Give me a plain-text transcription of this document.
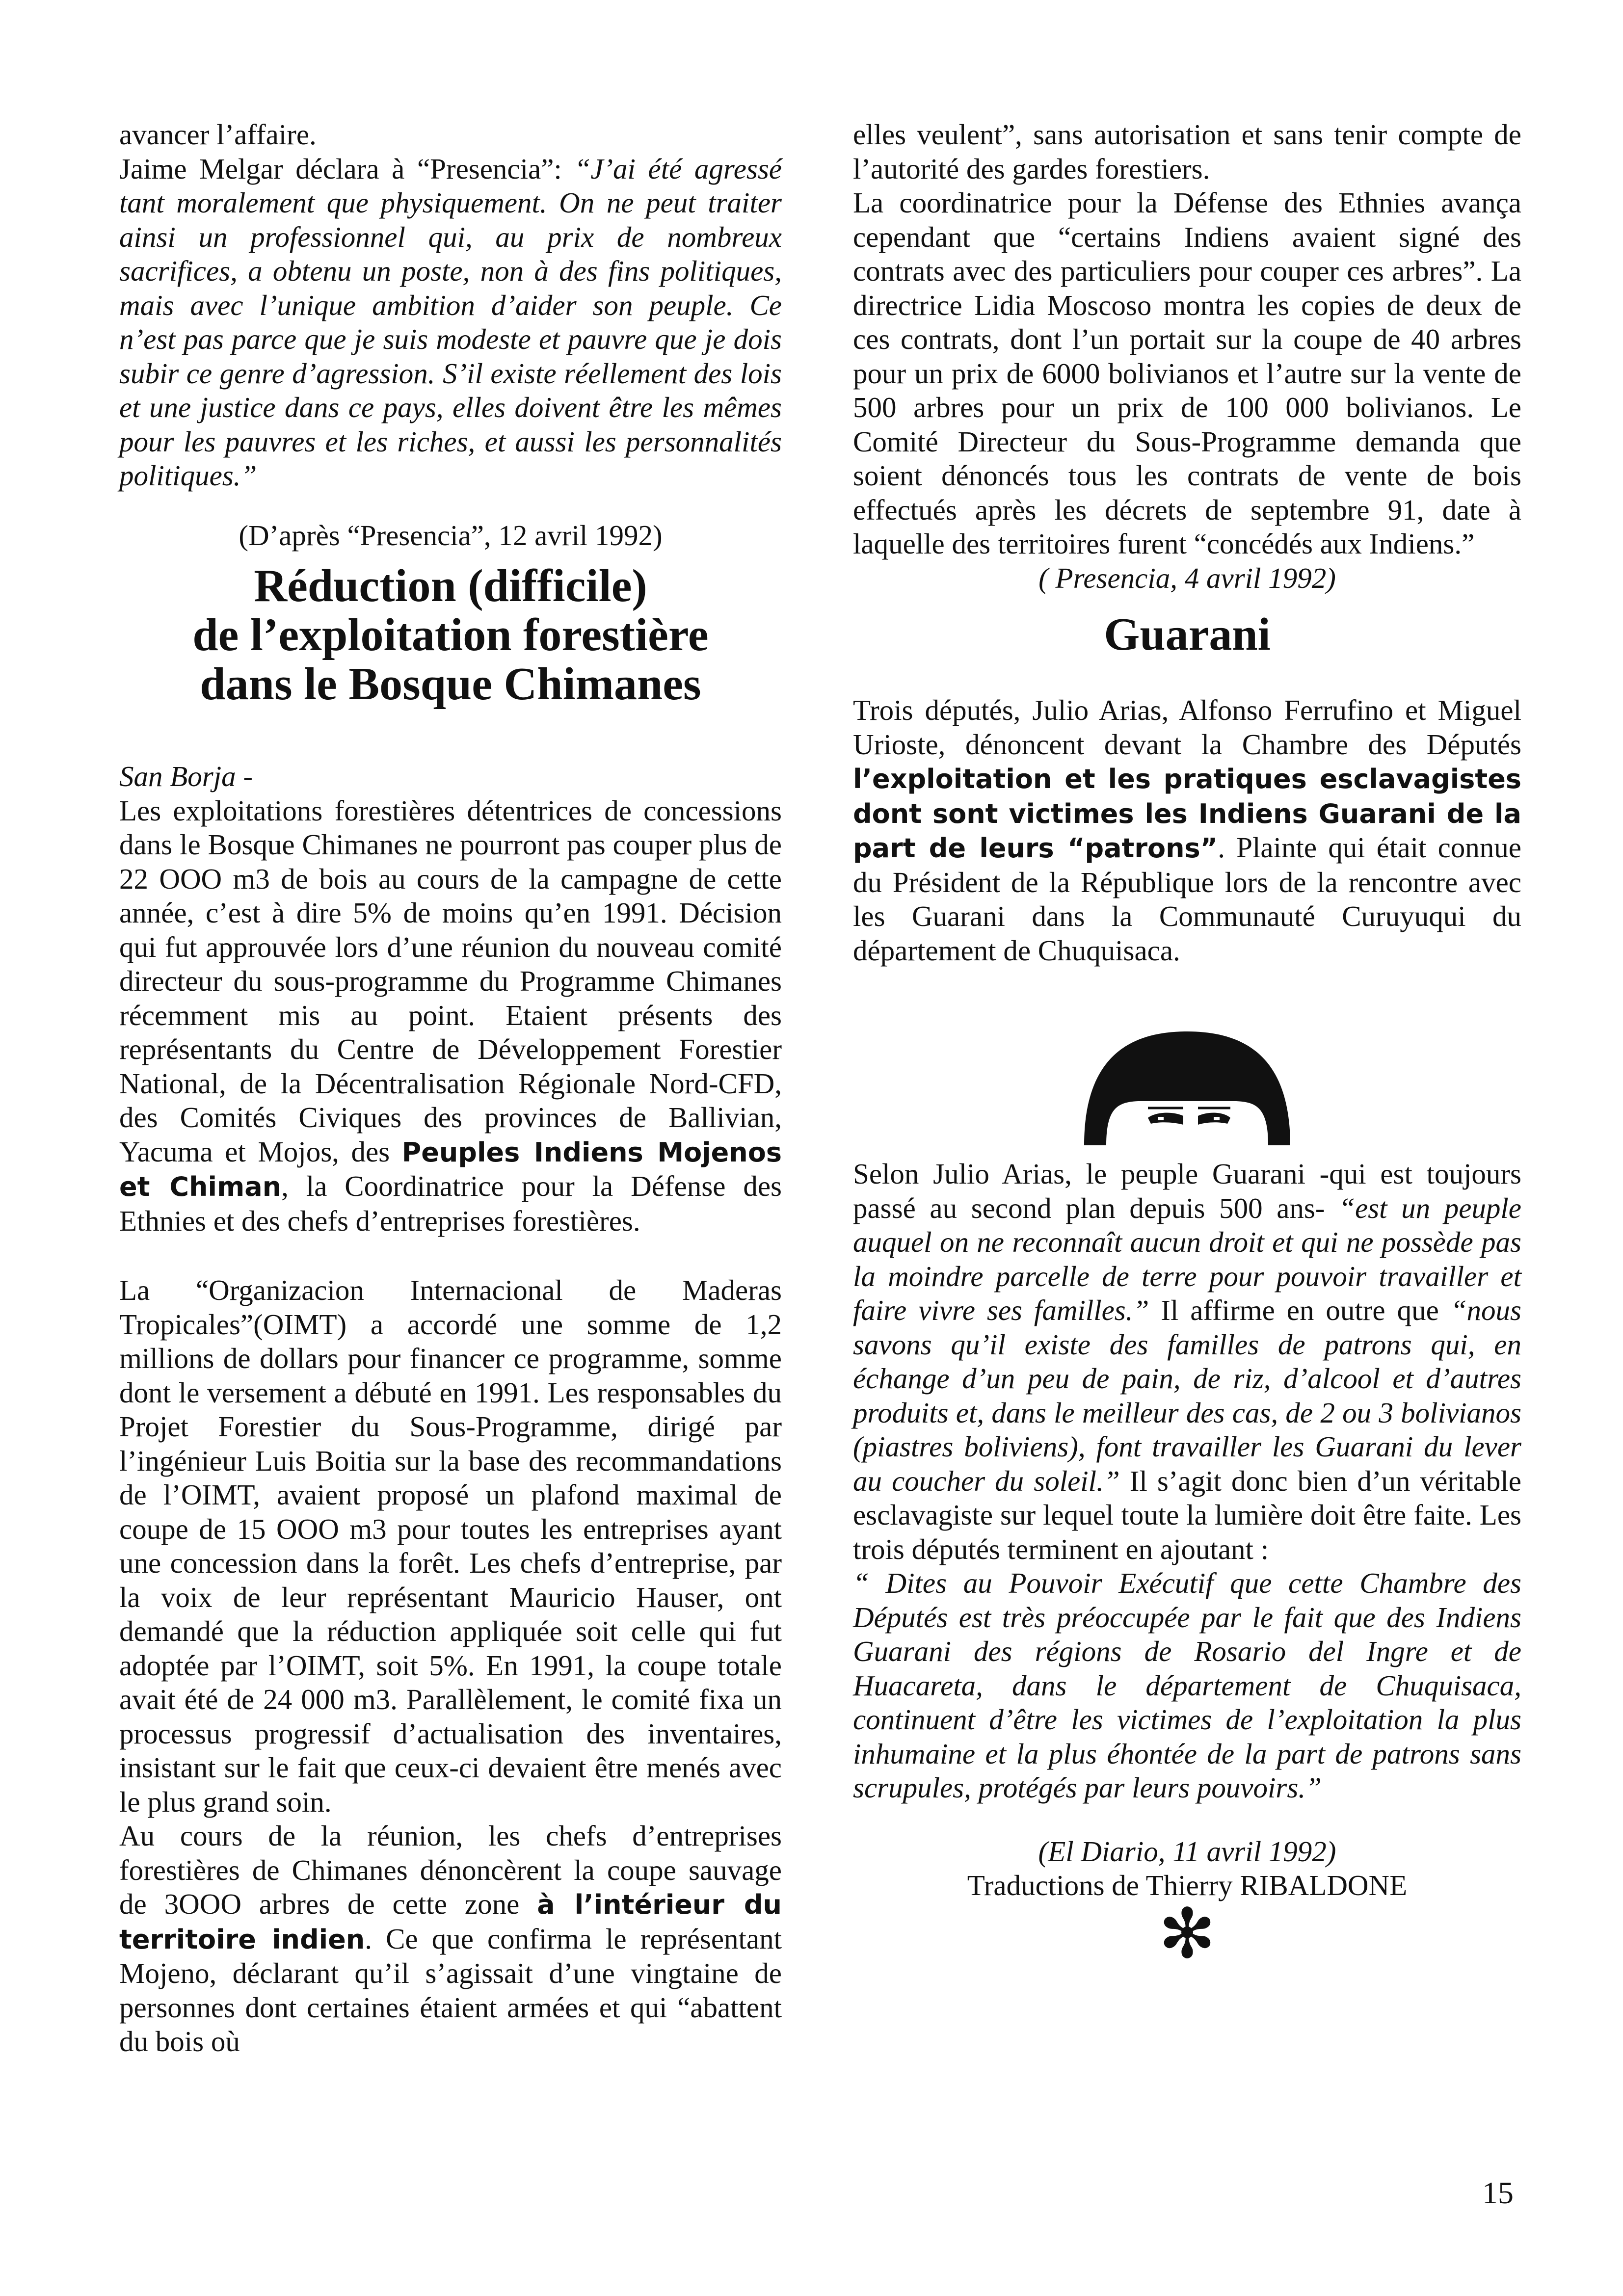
avancer l’affaire.

Jaime Melgar déclara à “Presencia”: “J’ai été agressé tant moralement que physiquement. On ne peut traiter ainsi un professionnel qui, au prix de nombreux sacrifices, a obtenu un poste, non à des fins politiques, mais avec l’unique ambition d’aider son peuple. Ce n’est pas parce que je suis modeste et pauvre que je dois subir ce genre d’agression. S’il existe réellement des lois et une justice dans ce pays, elles doivent être les mêmes pour les pauvres et les riches, et aussi les personnalités politiques.”

(D’après “Presencia”, 12 avril 1992)

Réduction (difficile)
de l’exploitation forestière
dans le Bosque Chimanes

San Borja -

Les exploitations forestières détentrices de concessions dans le Bosque Chimanes ne pourront pas couper plus de 22 OOO m3 de bois au cours de la campagne de cette année, c’est à dire 5% de moins qu’en 1991. Décision qui fut approuvée lors d’une réunion du nouveau comité directeur du sous-programme du Programme Chimanes récemment mis au point. Etaient présents des représentants du Centre de Développement Forestier National, de la Décentralisation Régionale Nord-CFD, des Comités Civiques des provinces de Ballivian, Yacuma et Mojos, des Peuples Indiens Mojenos et Chiman, la Coordinatrice pour la Défense des Ethnies et des chefs d’entreprises forestières.

La “Organizacion Internacional de Maderas Tropicales”(OIMT) a accordé une somme de 1,2 millions de dollars pour financer ce programme, somme dont le versement a débuté en 1991. Les responsables du Projet Forestier du Sous-Programme, dirigé par l’ingénieur Luis Boitia sur la base des recommandations de l’OIMT, avaient proposé un plafond maximal de coupe de 15 OOO m3 pour toutes les entreprises ayant une concession dans la forêt. Les chefs d’entreprise, par la voix de leur représentant Mauricio Hauser, ont demandé que la réduction appliquée soit celle qui fut adoptée par l’OIMT, soit 5%. En 1991, la coupe totale avait été de 24 000 m3. Parallèlement, le comité fixa un processus progressif d’actualisation des inventaires, insistant sur le fait que ceux-ci devaient être menés avec le plus grand soin.

Au cours de la réunion, les chefs d’entreprises forestières de Chimanes dénoncèrent la coupe sauvage de 3OOO arbres de cette zone à l’intérieur du territoire indien. Ce que confirma le représentant Mojeno, déclarant qu’il s’agissait d’une vingtaine de personnes dont certaines étaient armées et qui “abattent du bois où

elles veulent”, sans autorisation et sans tenir compte de l’autorité des gardes forestiers.

La coordinatrice pour la Défense des Ethnies avança cependant que “certains Indiens avaient signé des contrats avec des particuliers pour couper ces arbres”. La directrice Lidia Moscoso montra les copies de deux de ces contrats, dont l’un portait sur la coupe de 40 arbres pour un prix de 6000 bolivianos et l’autre sur la vente de 500 arbres pour un prix de 100 000 bolivianos. Le Comité Directeur du Sous-Programme demanda que soient dénoncés tous les contrats de vente de bois effectués après les décrets de septembre 91, date à laquelle des territoires furent “concédés aux Indiens.”

( Presencia, 4 avril 1992)

Guarani

Trois députés, Julio Arias, Alfonso Ferrufino et Miguel Urioste, dénoncent devant la Chambre des Députés l’exploitation et les pratiques esclavagistes dont sont victimes les Indiens Guarani de la part de leurs “patrons”. Plainte qui était connue du Président de la République lors de la rencontre avec les Guarani dans la Communauté Curuyuqui du département de Chuquisaca.

Selon Julio Arias, le peuple Guarani -qui est toujours passé au second plan depuis 500 ans- “est un peuple auquel on ne reconnaît aucun droit et qui ne possède pas la moindre parcelle de terre pour pouvoir travailler et faire vivre ses familles.” Il affirme en outre que “nous savons qu’il existe des familles de patrons qui, en échange d’un peu de pain, de riz, d’alcool et d’autres produits et, dans le meilleur des cas, de 2 ou 3 bolivianos (piastres boliviens), font travailler les Guarani du lever au coucher du soleil.” Il s’agit donc bien d’un véritable esclavagiste sur lequel toute la lumière doit être faite. Les trois députés terminent en ajoutant :

“ Dites au Pouvoir Exécutif que cette Chambre des Députés est très préoccupée par le fait que des Indiens Guarani des régions de Rosario del Ingre et de Huacareta, dans le département de Chuquisaca, continuent d’être les victimes de l’exploitation la plus inhumaine et la plus éhontée de la part de patrons sans scrupules, protégés par leurs pouvoirs.”

(El Diario, 11 avril 1992)

Traductions de Thierry RIBALDONE

✻
15
